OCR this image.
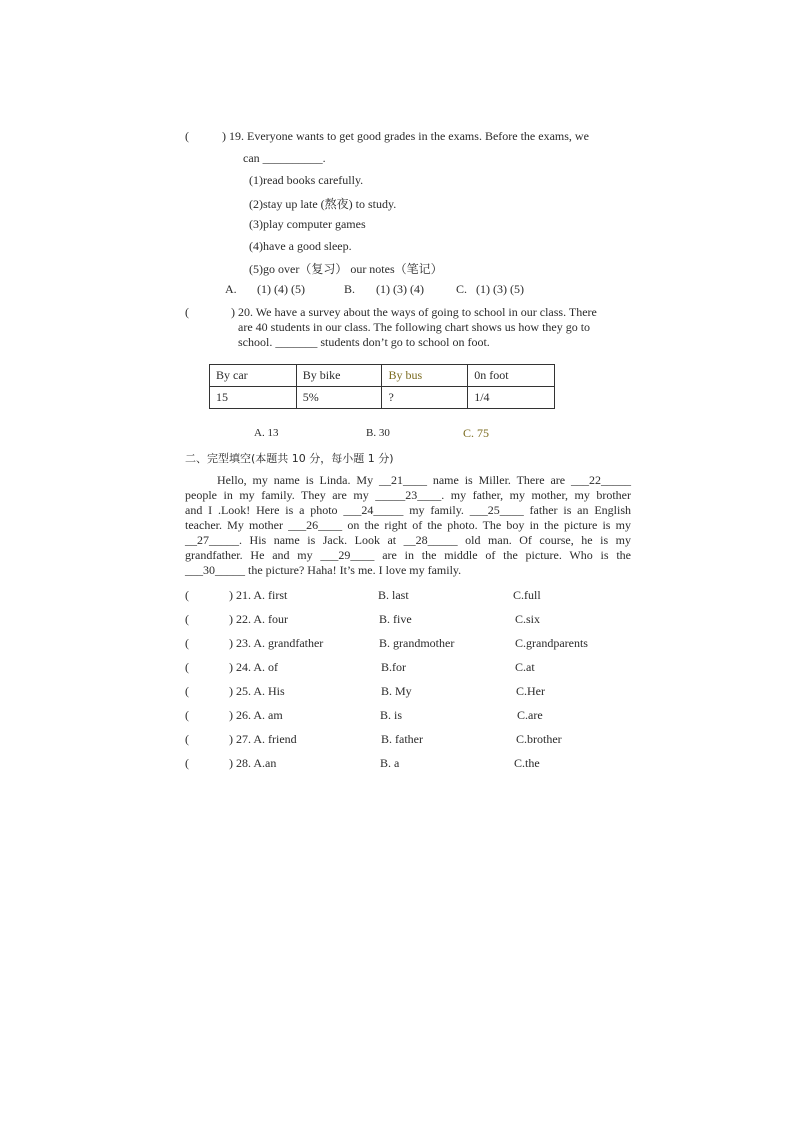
(	) 19. Everyone wants to get good grades in the exams. Before the exams, we
can __________.
(1)read books carefully.
(2)stay up late (熬夜) to study.
(3)play computer games
(4)have a good sleep.
(5)go over（复习） our notes（笔记）
A. (1) (4) (5)	B. (1) (3) (4)	C. (1) (3) (5)
(	) 20. We have a survey about the ways of going to school in our class. There
are 40 students in our class. The following chart shows us how they go to
school. _______ students don’t go to school on foot.
By car	By bike	By bus	0n foot
15	5%	?	1/4
A. 13	B. 30	C. 75
二、完型填空(本题共 10 分，每小题 1 分)
Hello, my name is Linda. My __21____ name is Miller. There are ___22_____
people in my family. They are my _____23____. my father, my mother, my brother
and I .Look! Here is a photo ___24_____ my family. ___25____ father is an English
teacher. My mother ___26____ on the right of the photo. The boy in the picture is my
__27_____. His name is Jack. Look at __28_____ old man. Of course, he is my
grandfather. He and my ___29____ are in the middle of the picture. Who is the
___30_____ the picture? Haha! It’s me. I love my family.
(	) 21. A. first	B. last	C.full
(	) 22. A. four	B. five	C.six
(	) 23. A. grandfather	B. grandmother	C.grandparents
(	) 24. A. of	B.for	C.at
(	) 25. A. His	B. My	C.Her
(	) 26. A. am	B. is	C.are
(	) 27. A. friend	B. father	C.brother
(	) 28. A.an	B. a	C.the
